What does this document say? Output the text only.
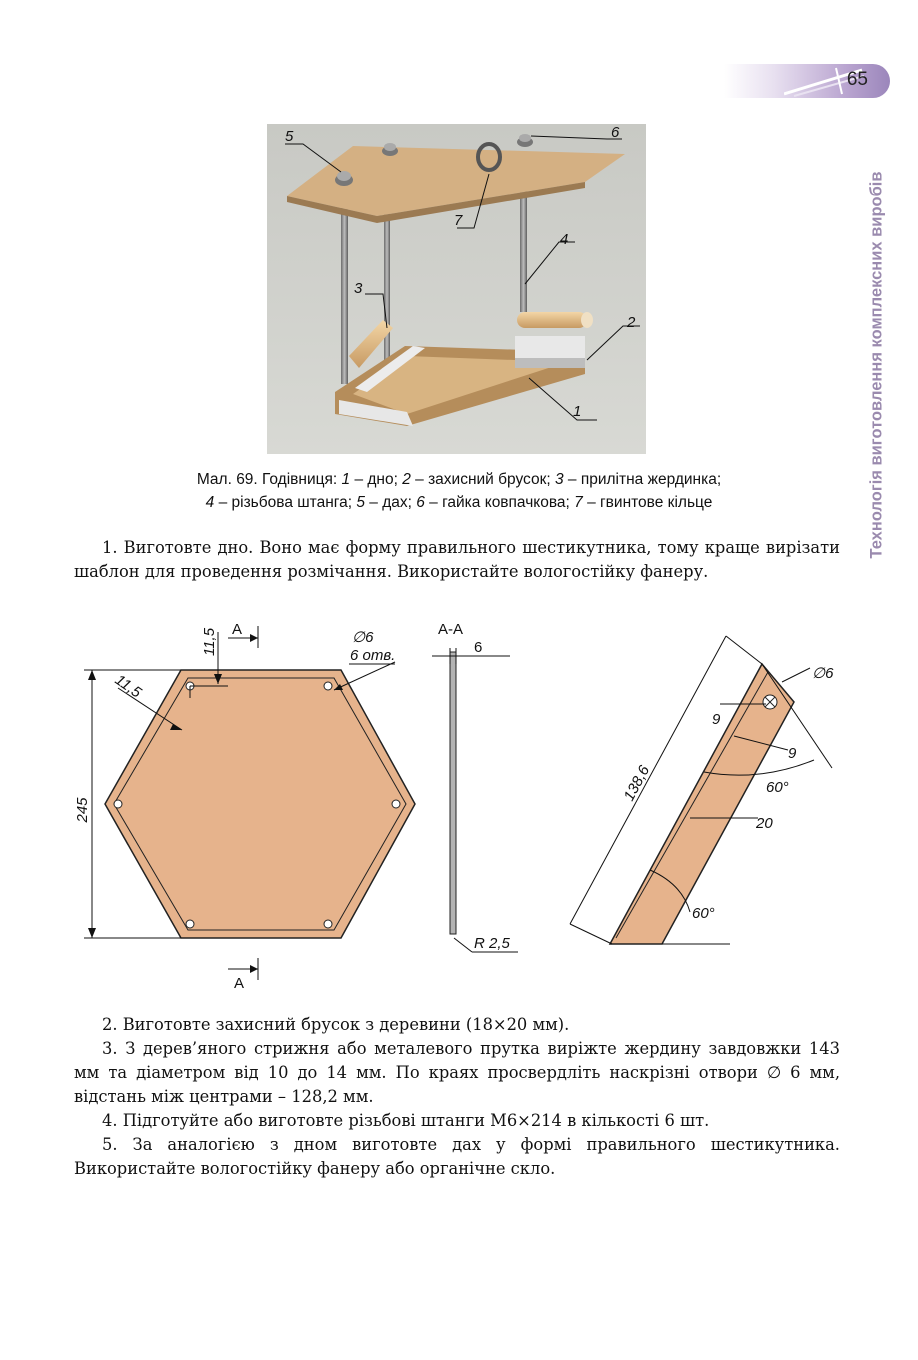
65
Технологія виготовлення комплексних виробів
5	6
7
4
3
2
1
Мал. 69. Годівниця: 1 – дно; 2 – захисний брусок; 3 – прилітна жердинка;
4 – різьбова штанга; 5 – дах; 6 – гайка ковпачкова; 7 – гвинтове кільце

1. Виготовте дно. Воно має форму правильного шестикутника, тому краще вирізати шаблон для проведення розмічання. Використайте вологостійку фанеру.

245
11,5
11,5
A
A
∅6
6 отв.
А-А
6
R 2,5
138,6
∅6
9
9
60°
20
60°

2. Виготовте захисний брусок з деревини (18×20 мм).

3. З дерев’яного стрижня або металевого прутка виріжте жердину завдовжки 143 мм та діаметром від 10 до 14 мм. По краях просвердліть наскрізні отвори ∅ 6 мм, відстань між центрами – 128,2 мм.

4. Підготуйте або виготовте різьбові штанги М6×214 в кількості 6 шт.

5. За аналогією з дном виготовте дах у формі правильного шестикутника. Використайте вологостійку фанеру або органічне скло.
